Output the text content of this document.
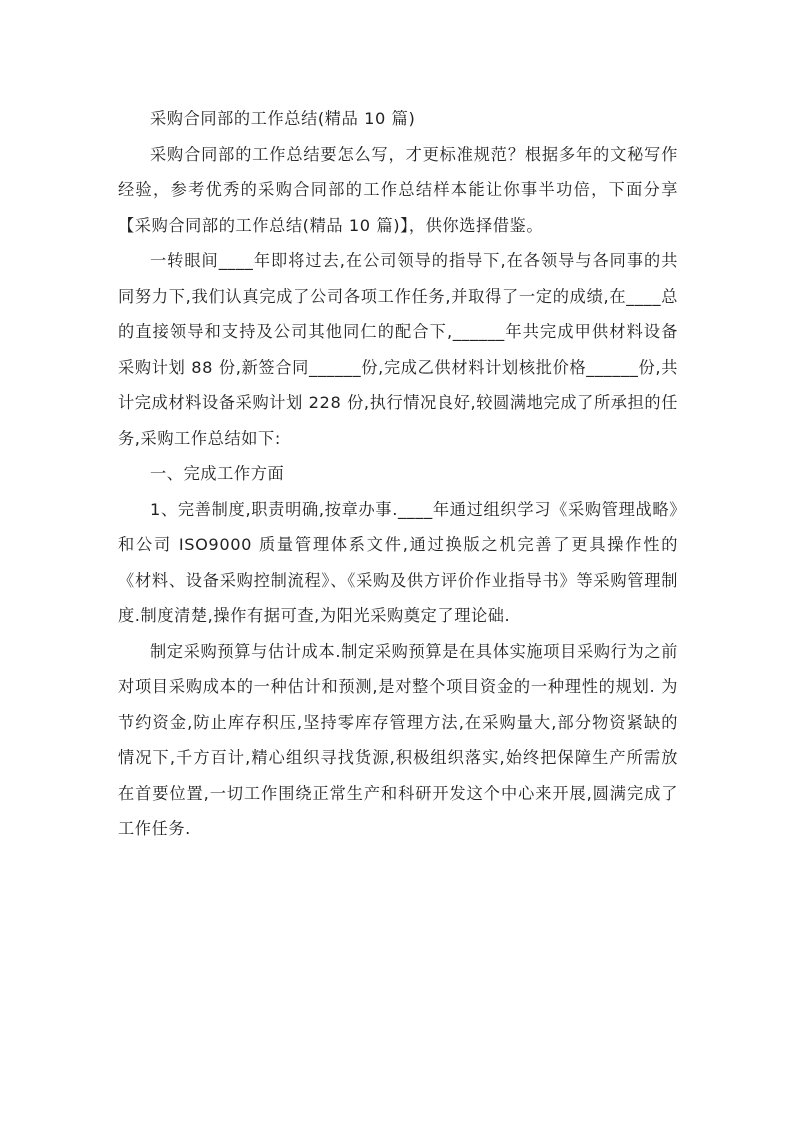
采购合同部的工作总结(精品 10 篇)

采购合同部的工作总结要怎么写，才更标准规范？根据多年的文秘写作经验，参考优秀的采购合同部的工作总结样本能让你事半功倍，下面分享【采购合同部的工作总结(精品 10 篇)】，供你选择借鉴。

一转眼间____年即将过去,在公司领导的指导下,在各领导与各同事的共同努力下,我们认真完成了公司各项工作任务,并取得了一定的成绩,在____总的直接领导和支持及公司其他同仁的配合下,______年共完成甲供材料设备采购计划 88 份,新签合同______份,完成乙供材料计划核批价格______份,共计完成材料设备采购计划 228 份,执行情况良好,较圆满地完成了所承担的任务,采购工作总结如下:

一、完成工作方面

1、完善制度,职责明确,按章办事.____年通过组织学习《采购管理战略》和公司 ISO9000 质量管理体系文件,通过换版之机完善了更具操作性的《材料、设备采购控制流程》、《采购及供方评价作业指导书》等采购管理制度.制度清楚,操作有据可查,为阳光采购奠定了理论础.

制定采购预算与估计成本.制定采购预算是在具体实施项目采购行为之前对项目采购成本的一种估计和预测,是对整个项目资金的一种理性的规划. 为节约资金,防止库存积压,坚持零库存管理方法,在采购量大,部分物资紧缺的情况下,千方百计,精心组织寻找货源,积极组织落实,始终把保障生产所需放在首要位置,一切工作围绕正常生产和科研开发这个中心来开展,圆满完成了工作任务.
